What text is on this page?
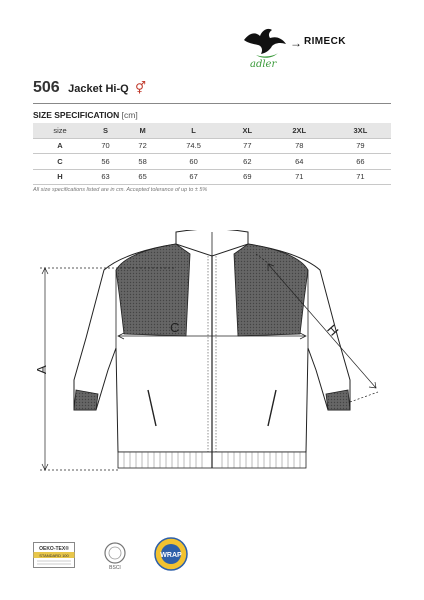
adler
→ RIMECK
506 Jacket Hi-Q ⚥
SIZE SPECIFICATION [cm]
size	S	M	L	XL	2XL	3XL
A	70	72	74.5	77	78	79
C	56	58	60	62	64	66
H	63	65	67	69	71	71
All size specifications listed are in cm. Accepted tolerance of up to ± 5%
A
C	H
OEKO-TEX®
STANDARD 100
BSCI
WRAP
